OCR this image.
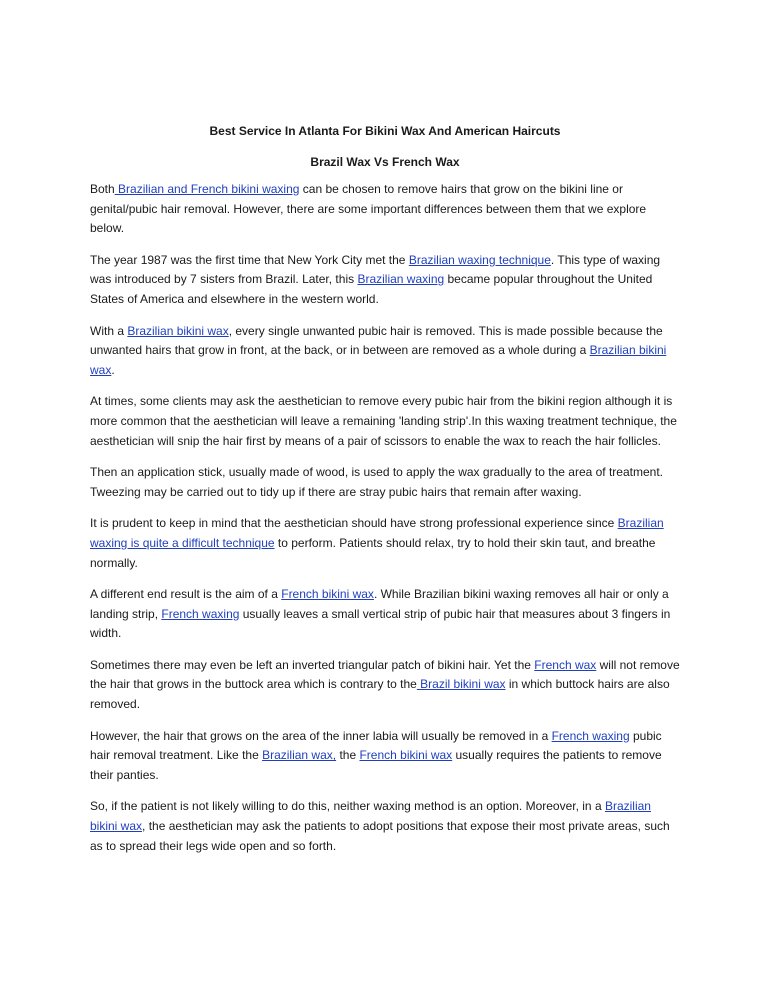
Best Service In Atlanta For Bikini Wax And American Haircuts
Brazil Wax Vs French Wax

Both Brazilian and French bikini waxing can be chosen to remove hairs that grow on the bikini line or genital/pubic hair removal. However, there are some important differences between them that we explore below.

The year 1987 was the first time that New York City met the Brazilian waxing technique. This type of waxing was introduced by 7 sisters from Brazil. Later, this Brazilian waxing became popular throughout the United States of America and elsewhere in the western world.

With a Brazilian bikini wax, every single unwanted pubic hair is removed. This is made possible because the unwanted hairs that grow in front, at the back, or in between are removed as a whole during a Brazilian bikini wax.

At times, some clients may ask the aesthetician to remove every pubic hair from the bikini region although it is more common that the aesthetician will leave a remaining 'landing strip'.In this waxing treatment technique, the aesthetician will snip the hair first by means of a pair of scissors to enable the wax to reach the hair follicles.

Then an application stick, usually made of wood, is used to apply the wax gradually to the area of treatment. Tweezing may be carried out to tidy up if there are stray pubic hairs that remain after waxing.

It is prudent to keep in mind that the aesthetician should have strong professional experience since Brazilian waxing is quite a difficult technique to perform. Patients should relax, try to hold their skin taut, and breathe normally.

A different end result is the aim of a French bikini wax. While Brazilian bikini waxing removes all hair or only a landing strip, French waxing usually leaves a small vertical strip of pubic hair that measures about 3 fingers in width.

Sometimes there may even be left an inverted triangular patch of bikini hair. Yet the French wax will not remove the hair that grows in the buttock area which is contrary to the Brazil bikini wax in which buttock hairs are also removed.

However, the hair that grows on the area of the inner labia will usually be removed in a French waxing pubic hair removal treatment. Like the Brazilian wax, the French bikini wax usually requires the patients to remove their panties.

So, if the patient is not likely willing to do this, neither waxing method is an option. Moreover, in a Brazilian bikini wax, the aesthetician may ask the patients to adopt positions that expose their most private areas, such as to spread their legs wide open and so forth.
